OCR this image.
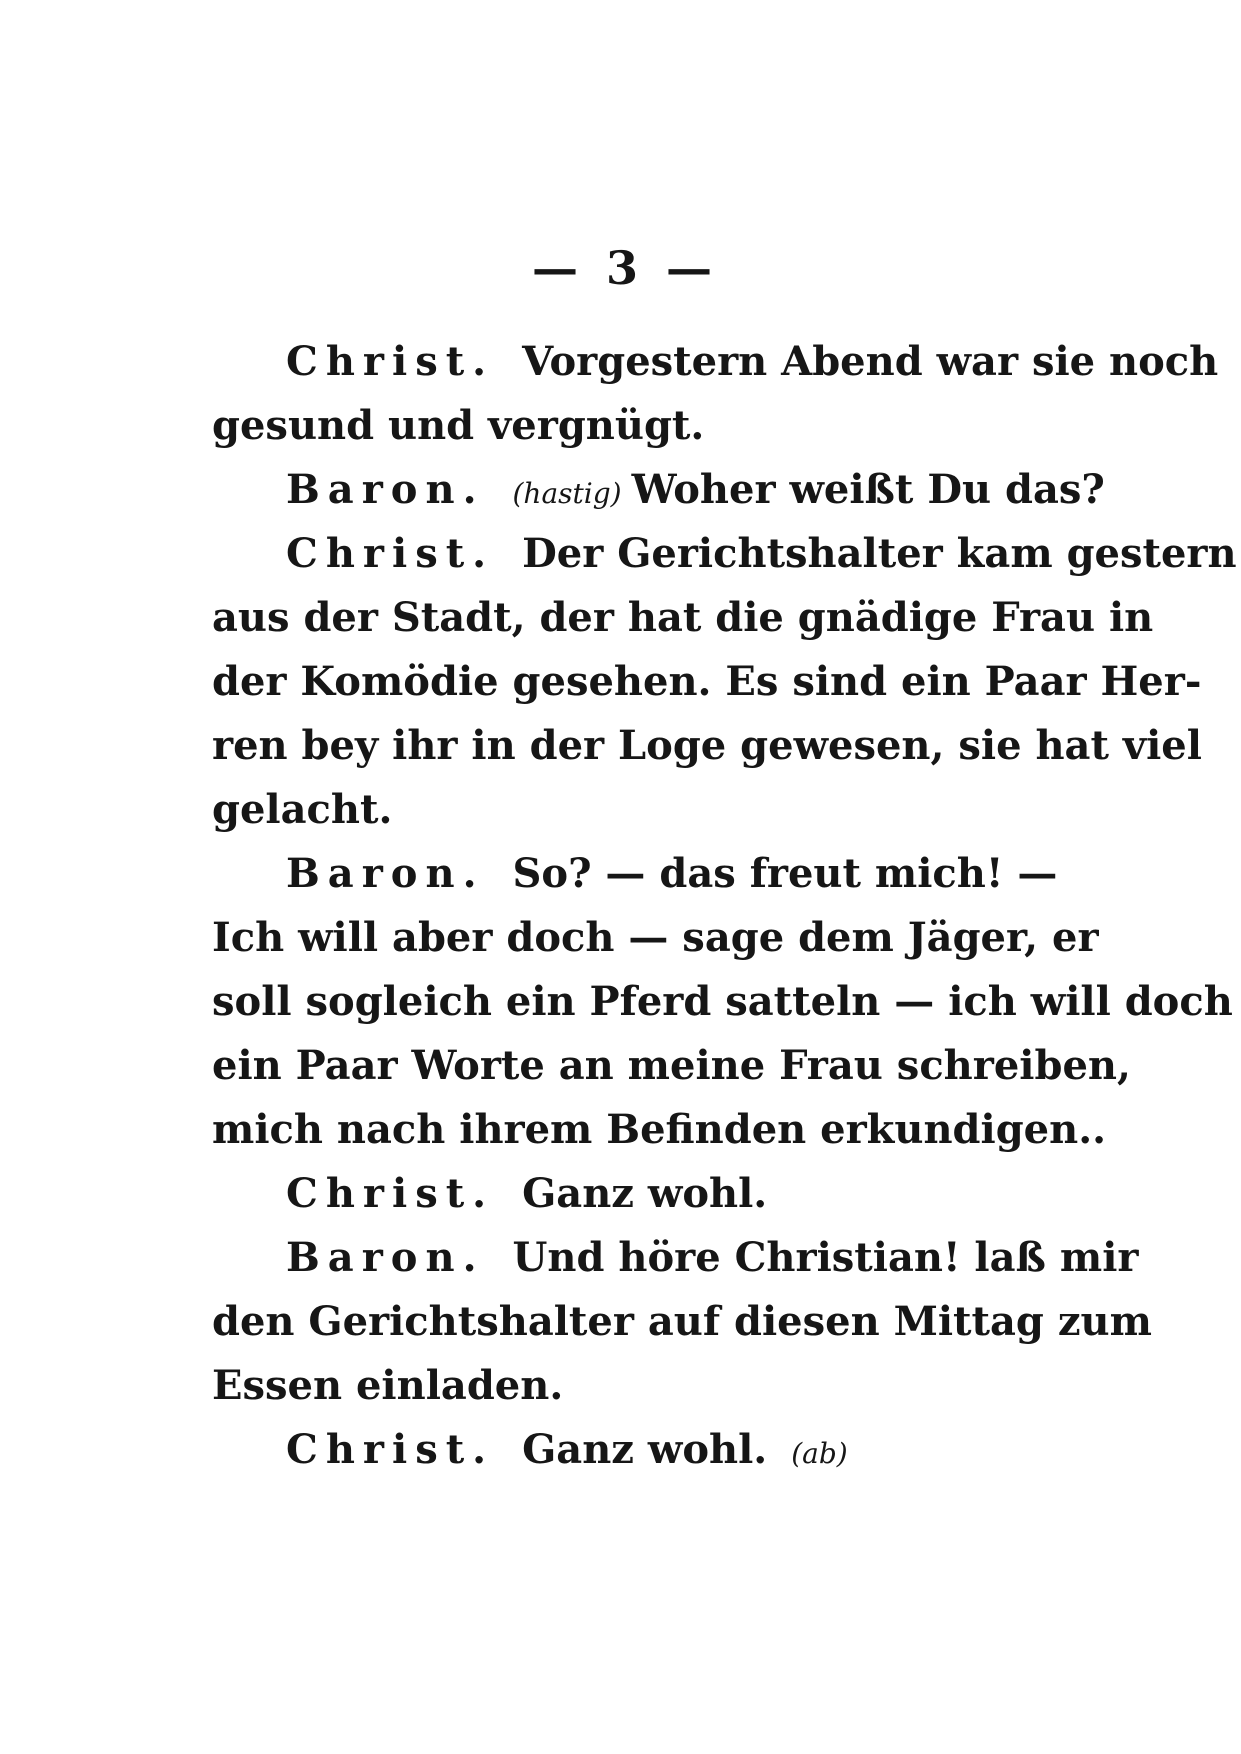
— 3 —
Christ. Vorgestern Abend war sie noch
gesund und vergnügt.
Baron. (hastig) Woher weißt Du das?
Christ. Der Gerichtshalter kam gestern
aus der Stadt, der hat die gnädige Frau in
der Komödie gesehen. Es sind ein Paar Her-
ren bey ihr in der Loge gewesen, sie hat viel
gelacht.
Baron. So? — das freut mich! —
Ich will aber doch — sage dem Jäger, er
soll sogleich ein Pferd satteln — ich will doch
ein Paar Worte an meine Frau schreiben,
mich nach ihrem Befinden erkundigen..
Christ. Ganz wohl.
Baron. Und höre Christian! laß mir
den Gerichtshalter auf diesen Mittag zum
Essen einladen.
Christ. Ganz wohl. (ab)
